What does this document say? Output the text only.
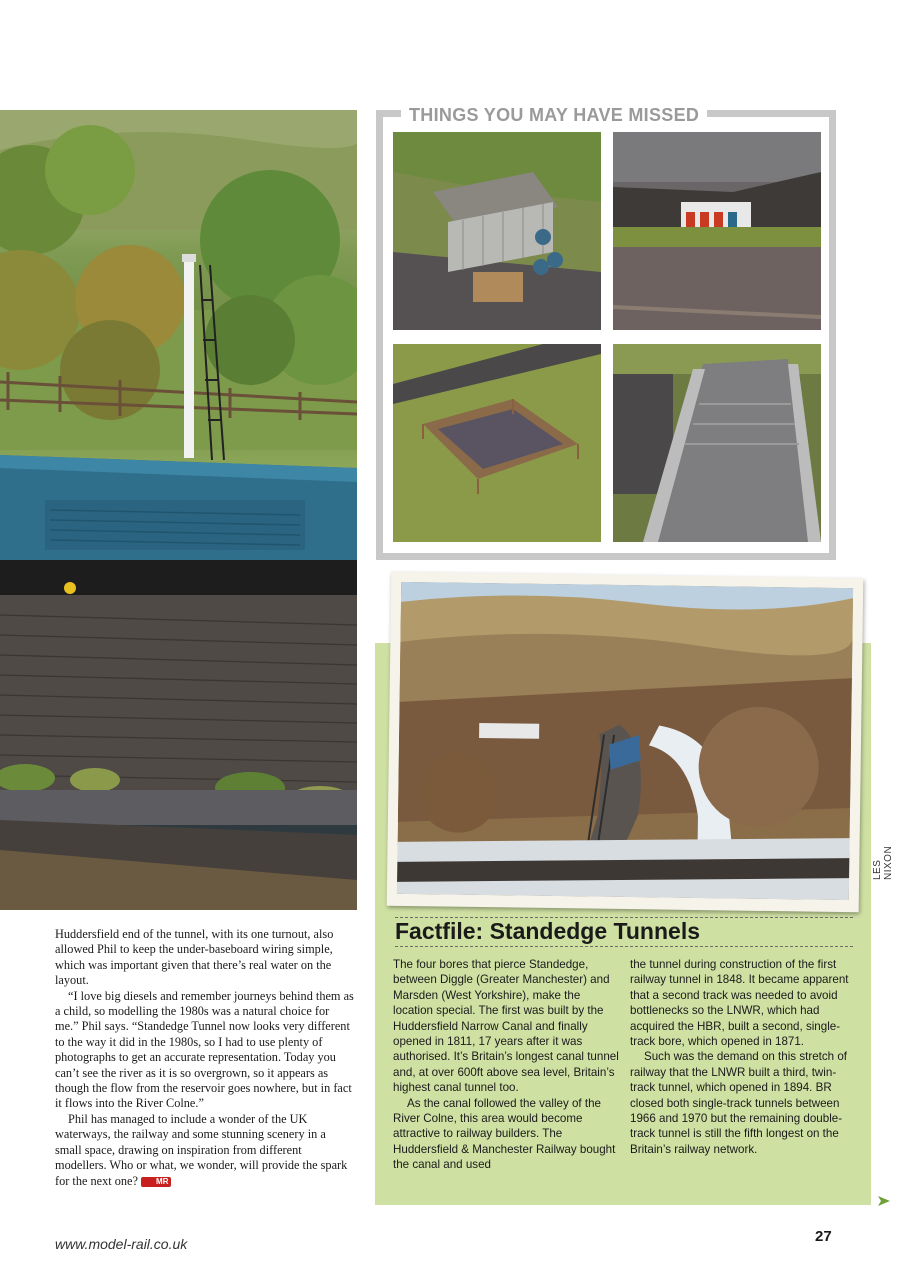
THINGS YOU MAY HAVE MISSED
LES NIXON
Factfile: Standedge Tunnels

The four bores that pierce Standedge, between Diggle (Greater Manchester) and Marsden (West Yorkshire), make the location special. The first was built by the Huddersfield Narrow Canal and finally opened in 1811, 17 years after it was authorised. It’s Britain’s longest canal tunnel and, at over 600ft above sea level, Britain’s highest canal tunnel too.

As the canal followed the valley of the River Colne, this area would become attractive to railway builders. The Huddersfield & Manchester Railway bought the canal and used

the tunnel during construction of the first railway tunnel in 1848. It became apparent that a second track was needed to avoid bottlenecks so the LNWR, which had acquired the HBR, built a second, single-track bore, which opened in 1871.

Such was the demand on this stretch of railway that the LNWR built a third, twin-track tunnel, which opened in 1894. BR closed both single-track tunnels between 1966 and 1970 but the remaining double-track tunnel is still the fifth longest on the Britain’s railway network.

Huddersfield end of the tunnel, with its one turnout, also allowed Phil to keep the under-baseboard wiring simple, which was important given that there’s real water on the layout.

“I love big diesels and remember journeys behind them as a child, so modelling the 1980s was a natural choice for me.” Phil says. “Standedge Tunnel now looks very different to the way it did in the 1980s, so I had to use plenty of photographs to get an accurate representation. Today you can’t see the river as it is so overgrown, so it appears as though the flow from the reservoir goes nowhere, but in fact it flows into the River Colne.”

Phil has managed to include a wonder of the UK waterways, the railway and some stunning scenery in a small space, drawing on inspiration from different modellers. Who or what, we wonder, will provide the spark for the next one? MR

www.model-rail.co.uk	27
